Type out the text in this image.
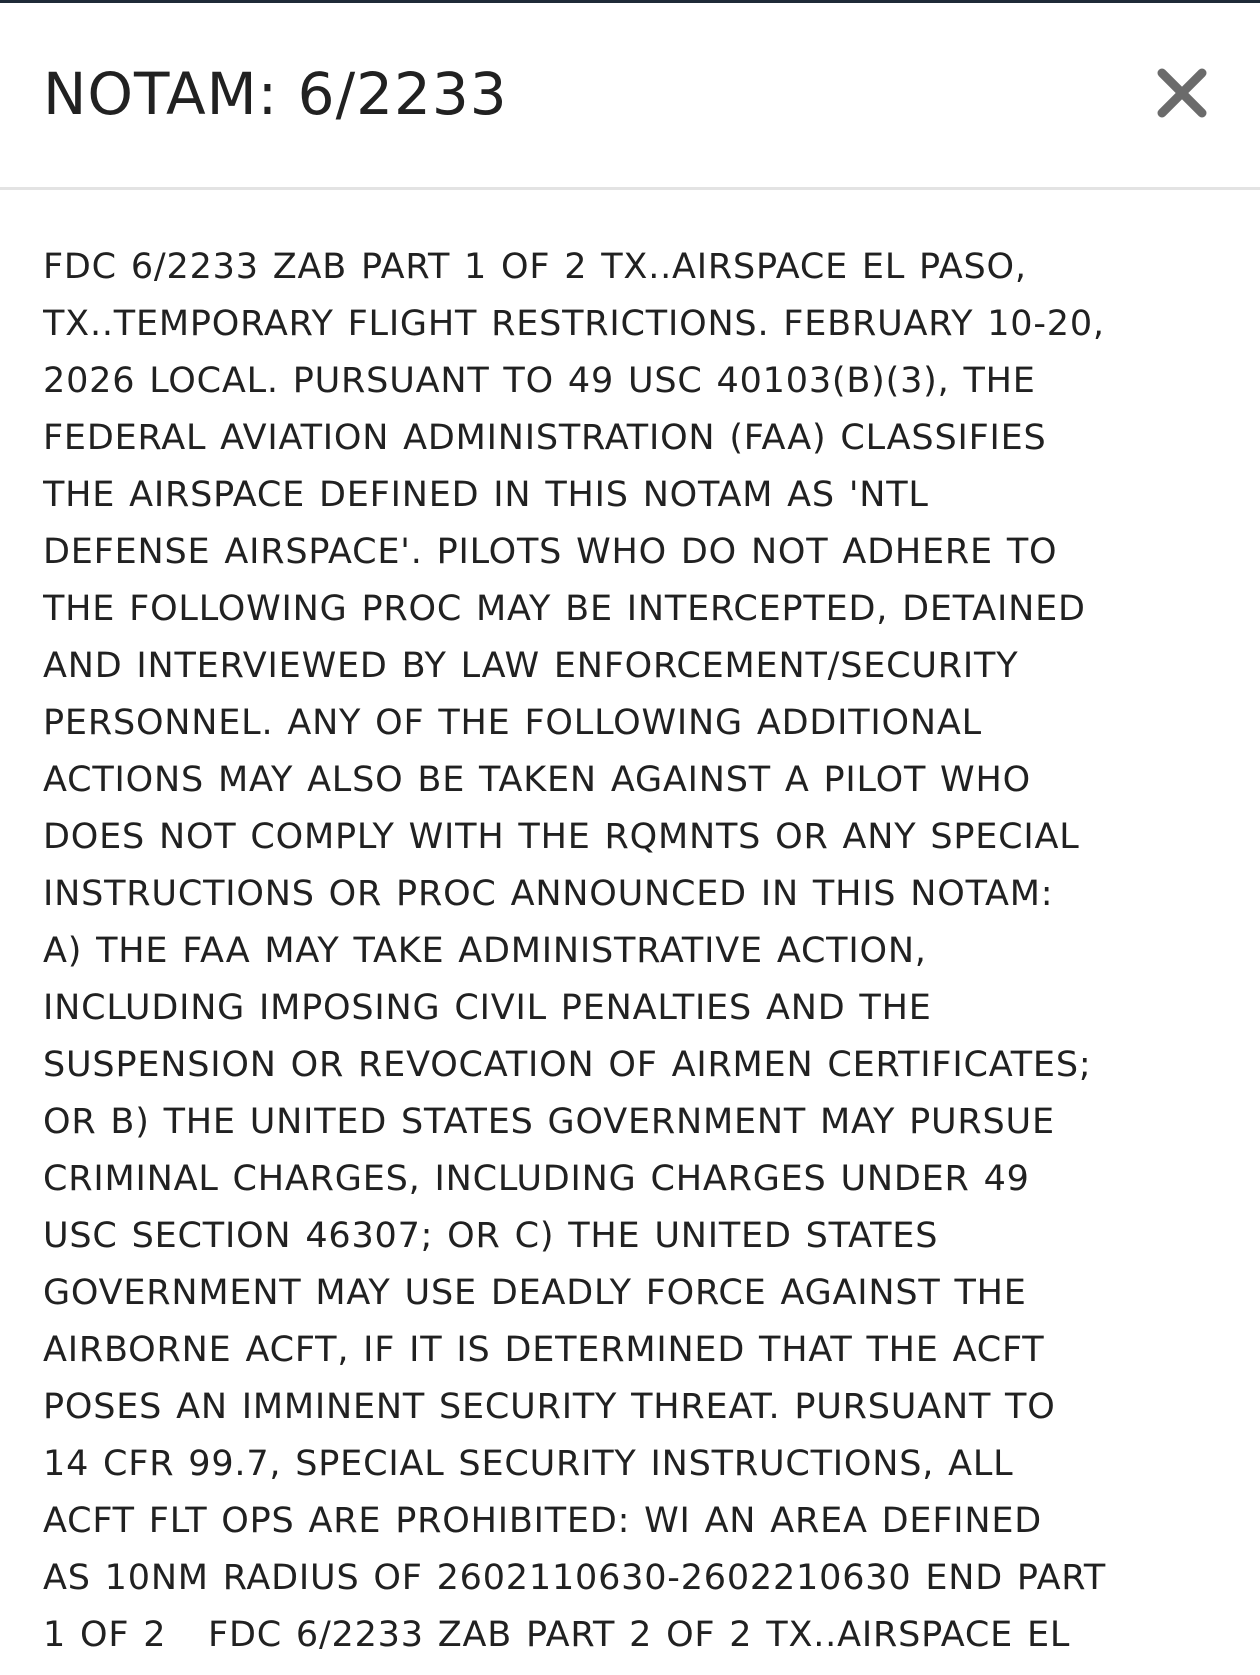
NOTAM: 6/2233
FDC 6/2233 ZAB PART 1 OF 2 TX..AIRSPACE EL PASO,
TX..TEMPORARY FLIGHT RESTRICTIONS. FEBRUARY 10-20,
2026 LOCAL. PURSUANT TO 49 USC 40103(B)(3), THE
FEDERAL AVIATION ADMINISTRATION (FAA) CLASSIFIES
THE AIRSPACE DEFINED IN THIS NOTAM AS 'NTL
DEFENSE AIRSPACE'. PILOTS WHO DO NOT ADHERE TO
THE FOLLOWING PROC MAY BE INTERCEPTED, DETAINED
AND INTERVIEWED BY LAW ENFORCEMENT/SECURITY
PERSONNEL. ANY OF THE FOLLOWING ADDITIONAL
ACTIONS MAY ALSO BE TAKEN AGAINST A PILOT WHO
DOES NOT COMPLY WITH THE RQMNTS OR ANY SPECIAL
INSTRUCTIONS OR PROC ANNOUNCED IN THIS NOTAM:
A) THE FAA MAY TAKE ADMINISTRATIVE ACTION,
INCLUDING IMPOSING CIVIL PENALTIES AND THE
SUSPENSION OR REVOCATION OF AIRMEN CERTIFICATES;
OR B) THE UNITED STATES GOVERNMENT MAY PURSUE
CRIMINAL CHARGES, INCLUDING CHARGES UNDER 49
USC SECTION 46307; OR C) THE UNITED STATES
GOVERNMENT MAY USE DEADLY FORCE AGAINST THE
AIRBORNE ACFT, IF IT IS DETERMINED THAT THE ACFT
POSES AN IMMINENT SECURITY THREAT. PURSUANT TO
14 CFR 99.7, SPECIAL SECURITY INSTRUCTIONS, ALL
ACFT FLT OPS ARE PROHIBITED: WI AN AREA DEFINED
AS 10NM RADIUS OF 2602110630-2602210630 END PART
1 OF 2   FDC 6/2233 ZAB PART 2 OF 2 TX..AIRSPACE EL
